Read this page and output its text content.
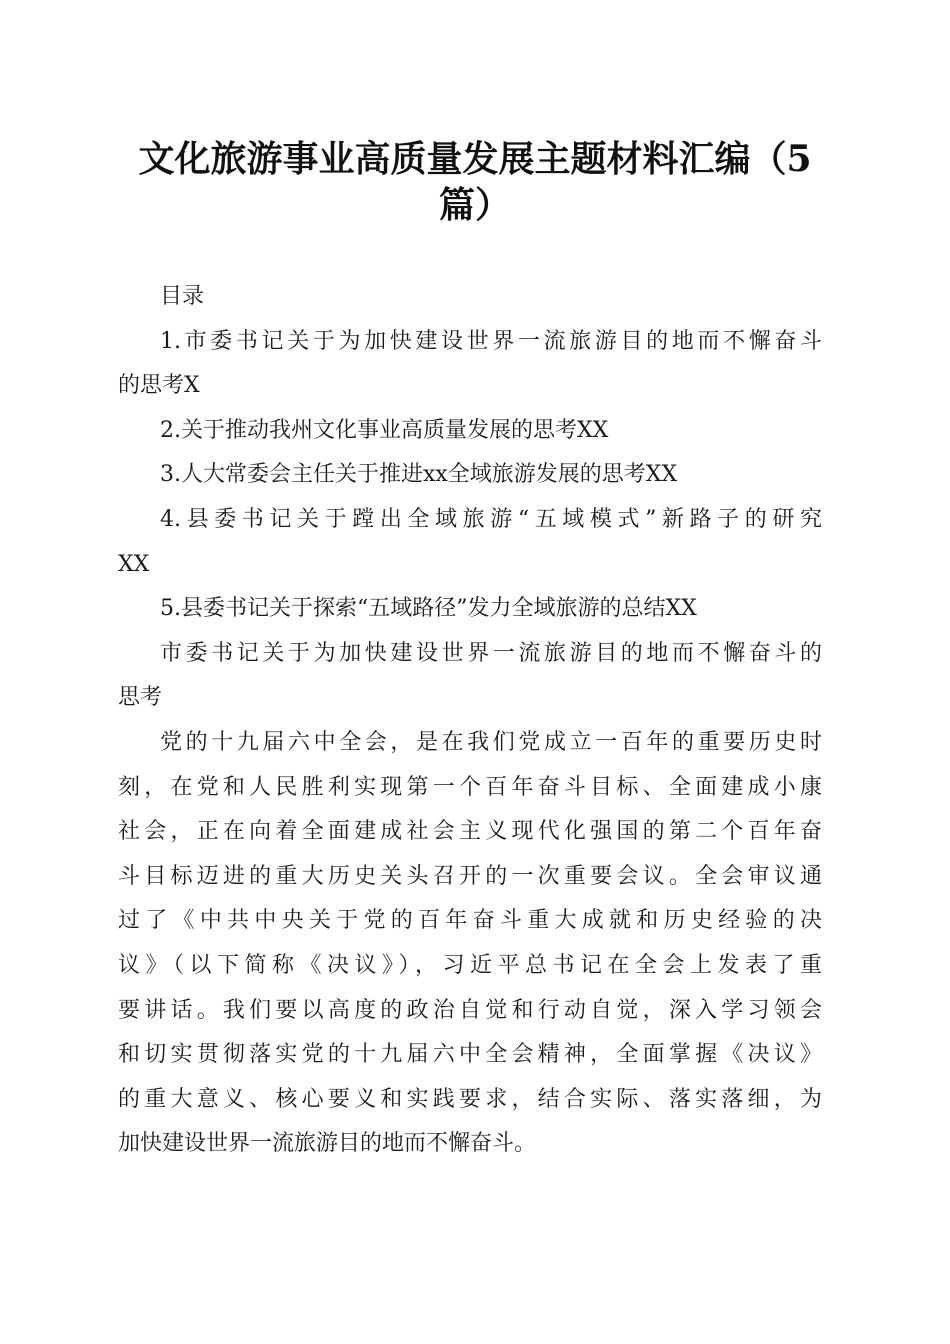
文化旅游事业高质量发展主题材料汇编（5
篇）
目录
1.市委书记关于为加快建设世界一流旅游目的地而不懈奋斗
的思考X
2.关于推动我州文化事业高质量发展的思考XX
3.人大常委会主任关于推进xx全域旅游发展的思考XX
4.县委书记关于蹚出全域旅游“五域模式”新路子的研究
XX
5.县委书记关于探索“五域路径”发力全域旅游的总结XX
市委书记关于为加快建设世界一流旅游目的地而不懈奋斗的
思考
党的十九届六中全会，是在我们党成立一百年的重要历史时
刻，在党和人民胜利实现第一个百年奋斗目标、全面建成小康
社会，正在向着全面建成社会主义现代化强国的第二个百年奋
斗目标迈进的重大历史关头召开的一次重要会议。全会审议通
过了《中共中央关于党的百年奋斗重大成就和历史经验的决
议》（以下简称《决议》），习近平总书记在全会上发表了重
要讲话。我们要以高度的政治自觉和行动自觉，深入学习领会
和切实贯彻落实党的十九届六中全会精神，全面掌握《决议》
的重大意义、核心要义和实践要求，结合实际、落实落细，为
加快建设世界一流旅游目的地而不懈奋斗。
